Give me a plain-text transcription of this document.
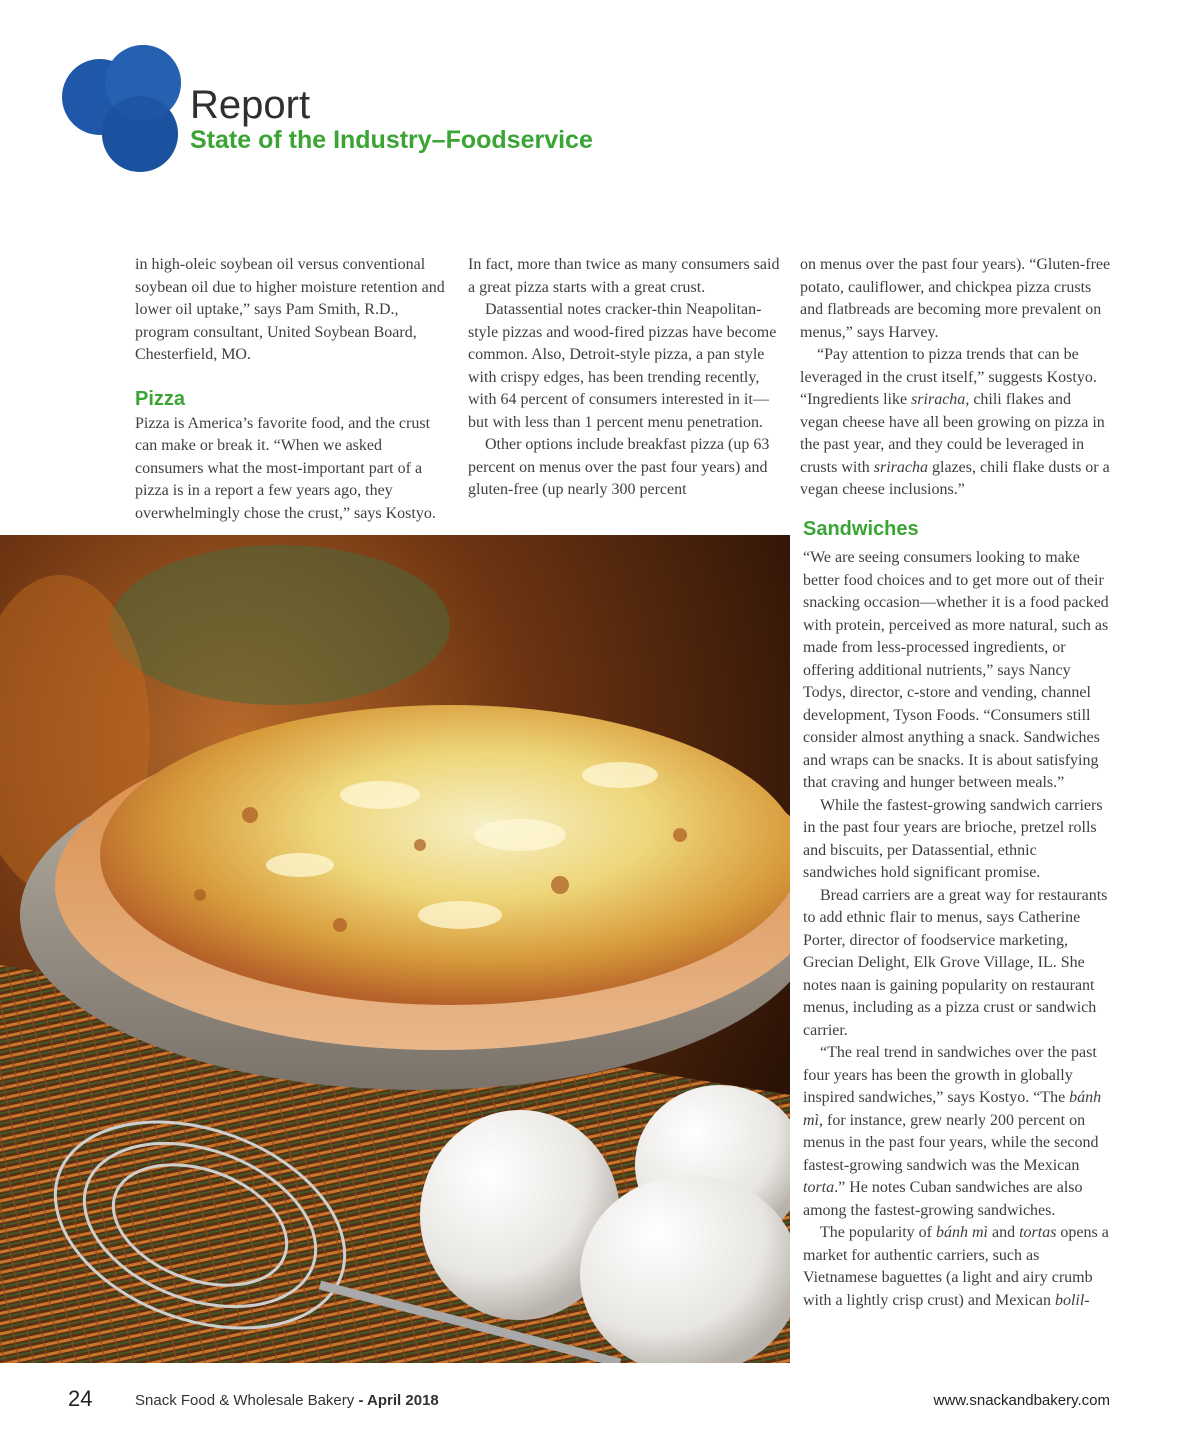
Report
State of the Industry–Foodservice

in high-oleic soybean oil versus conventional soybean oil due to higher moisture retention and lower oil uptake,” says Pam Smith, R.D., program consultant, United Soybean Board, Chesterfield, MO.

Pizza

Pizza is America’s favorite food, and the crust can make or break it. “When we asked consumers what the most-important part of a pizza is in a report a few years ago, they overwhelmingly chose the crust,” says Kostyo.

In fact, more than twice as many consumers said a great pizza starts with a great crust.

Datassential notes cracker-thin Neapolitan-style pizzas and wood-fired pizzas have become common. Also, Detroit-style pizza, a pan style with crispy edges, has been trending recently, with 64 percent of consumers interested in it—but with less than 1 percent menu penetration.

Other options include breakfast pizza (up 63 percent on menus over the past four years) and gluten-free (up nearly 300 percent

on menus over the past four years). “Gluten-free potato, cauliflower, and chickpea pizza crusts and flatbreads are becoming more prevalent on menus,” says Harvey.

“Pay attention to pizza trends that can be leveraged in the crust itself,” suggests Kostyo. “Ingredients like sriracha, chili flakes and vegan cheese have all been growing on pizza in the past year, and they could be leveraged in crusts with sriracha glazes, chili flake dusts or a vegan cheese inclusions.”

Sandwiches

“We are seeing consumers looking to make better food choices and to get more out of their snacking occasion—whether it is a food packed with protein, perceived as more natural, such as made from less-processed ingredients, or offering additional nutrients,” says Nancy Todys, director, c-store and vending, channel development, Tyson Foods. “Consumers still consider almost anything a snack. Sandwiches and wraps can be snacks. It is about satisfying that craving and hunger between meals.”

While the fastest-growing sandwich carriers in the past four years are brioche, pretzel rolls and biscuits, per Datassential, ethnic sandwiches hold significant promise.

Bread carriers are a great way for restaurants to add ethnic flair to menus, says Catherine Porter, director of foodservice marketing, Grecian Delight, Elk Grove Village, IL. She notes naan is gaining popularity on restaurant menus, including as a pizza crust or sandwich carrier.

“The real trend in sandwiches over the past four years has been the growth in globally inspired sandwiches,” says Kostyo. “The bánh mì, for instance, grew nearly 200 percent on menus in the past four years, while the second fastest-growing sandwich was the Mexican torta.” He notes Cuban sandwiches are also among the fastest-growing sandwiches.

The popularity of bánh mì and tortas opens a market for authentic carriers, such as Vietnamese baguettes (a light and airy crumb with a lightly crisp crust) and Mexican bolil-

24	Snack Food & Wholesale Bakery - April 2018	www.snackandbakery.com
